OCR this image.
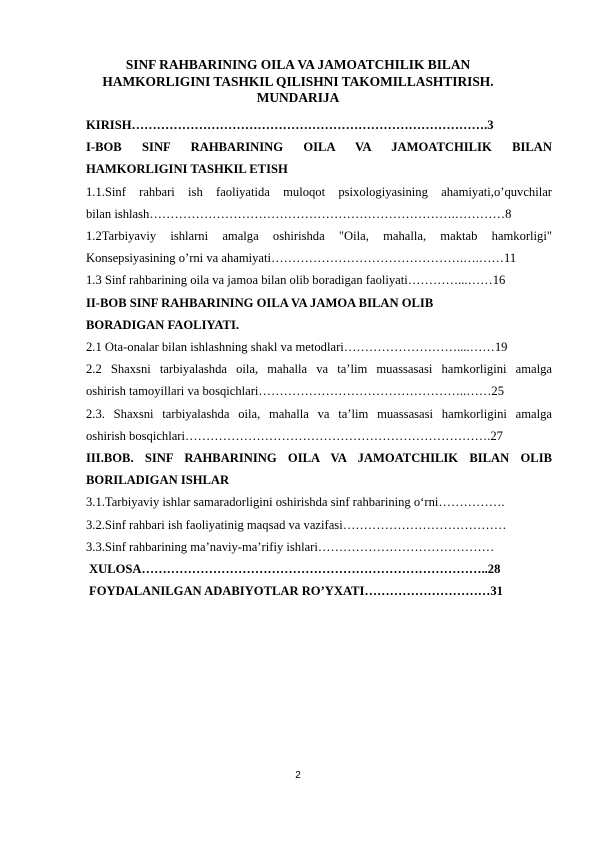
SINF RAHBARINING OILA VA JAMOATCHILIK BILAN
HAMKORLIGINI TASHKIL QILISHNI TAKOMILLASHTIRISH.
MUNDARIJA

KIRISH………………………………………………………………………….3

I-BOB SINF RAHBARINING OILA VA JAMOATCHILIK BILAN

HAMKORLIGINI TASHKIL ETISH

1.1.Sinf rahbari ish faoliyatida muloqot psixologiyasining ahamiyati,o’quvchilar

bilan ishlash……………………………………………………………….…………8

1.2Tarbiyaviy ishlarni amalga oshirishda "Oila, mahalla, maktab hamkorligi"

Konsepsiyasining o’rni va ahamiyati……………………………………….….……11

1.3 Sinf rahbarining oila va jamoa bilan olib boradigan faoliyati…………...……16

II-BOB SINF RAHBARINING OILA VA JAMOA BILAN OLIB

BORADIGAN FAOLIYATI.

2.1 Ota-onalar bilan ishlashning shakl va metodlari………………………....……19

2.2 Shaxsni tarbiyalashda oila, mahalla va ta’lim muassasasi hamkorligini amalga

oshirish tamoyillari va bosqichlari…………………………………………..……25

2.3. Shaxsni tarbiyalashda oila, mahalla va ta’lim muassasasi hamkorligini amalga

oshirish bosqichlari……………………………………………………………….27

III.BOB. SINF RAHBARINING OILA VA JAMOATCHILIK BILAN OLIB

BORILADIGAN ISHLAR

3.1.Tarbiyaviy ishlar samaradorligini oshirishda sinf rahbarining o‘rni…………….

3.2.Sinf rahbari ish faoliyatinig maqsad va vazifasi…………………………………

3.3.Sinf rahbarining ma’naviy-ma’rifiy ishlari……………………………………

XULOSA………………………………………………………………………..28

FOYDALANILGAN ADABIYOTLAR RO’YXATI…………………………31

2
